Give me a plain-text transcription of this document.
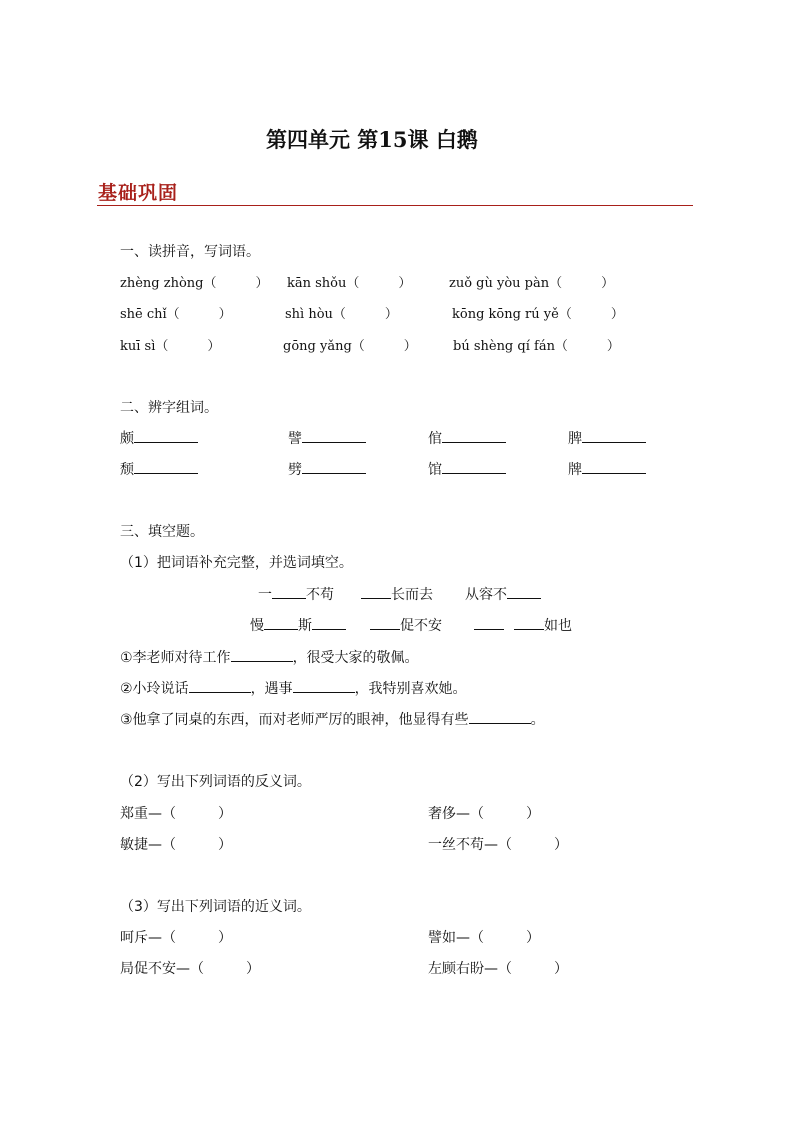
第四单元 第15课 白鹅
基础巩固
一、读拼音，写词语。
zhèng zhòng（　　　） kān shǒu（　　　）	zuǒ gù yòu pàn（　　　）
shē chǐ（　　　）	shì hòu（　　　）	kōng kōng rú yě（　　　）
kuī sì（　　　）	gōng yǎng（　　　）	bú shèng qí fán（　　　）
二、辨字组词。
颇	譬	倌	脾
颓	劈	馆	牌
三、填空题。
（1）把词语补充完整，并选词填空。
一 不苟	长而去 从容不
慢 斯	促不安	如也
①李老师对待工作	，很受大家的敬佩。
②小玲说话	，遇事	，我特别喜欢她。
③他拿了同桌的东西，而对老师严厉的眼神，他显得有些	。
（2）写出下列词语的反义词。
郑重—（　　　）	奢侈—（　　　）
敏捷—（　　　）	一丝不苟—（　　　）
（3）写出下列词语的近义词。
呵斥—（　　　）	譬如—（　　　）
局促不安—（　　　）	左顾右盼—（　　　）
